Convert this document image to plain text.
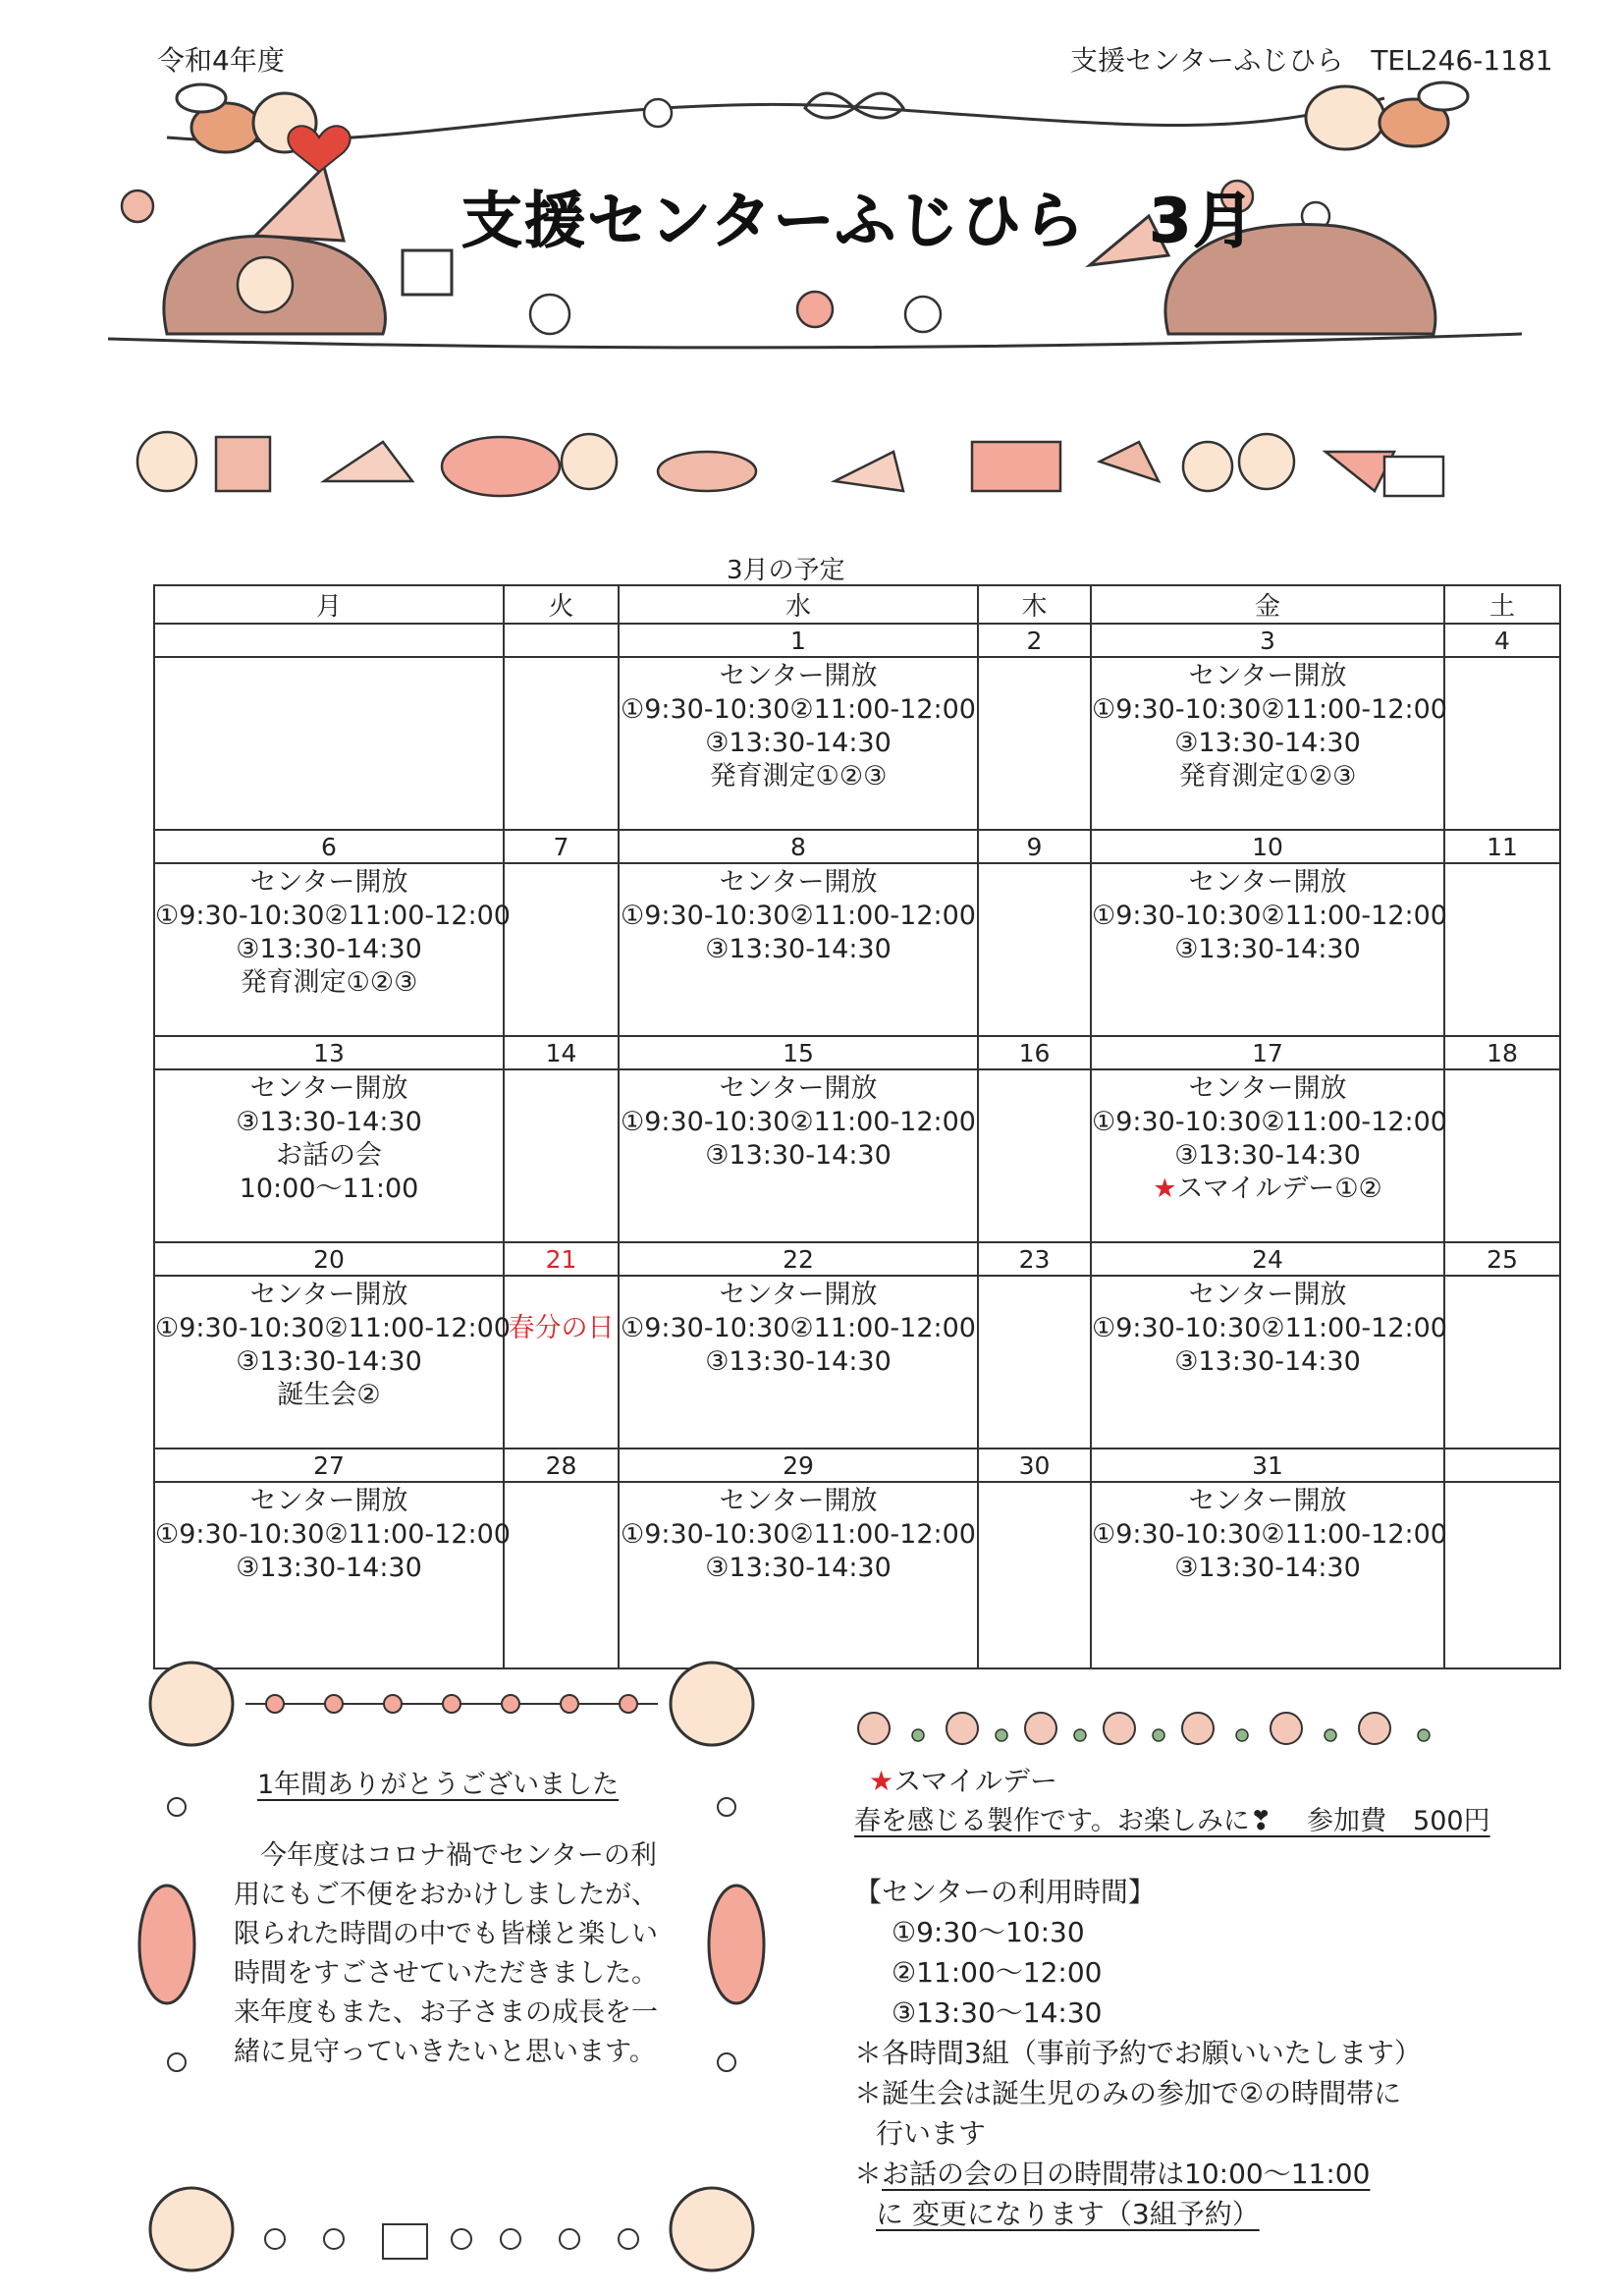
令和4年度	支援センターふじひら　TEL246-1181
支援センターふじひら　3月
3月の予定
月	火	水	木	金	土
		1	2	3	4

		センター開放
①9:30-10:30②11:00-12:00
③13:30-14:30
発育測定①②③		センター開放
①9:30-10:30②11:00-12:00
③13:30-14:30
発育測定①②③	

6	7	8	9	10	11

センター開放
①9:30-10:30②11:00-12:00
③13:30-14:30
発育測定①②③		センター開放
①9:30-10:30②11:00-12:00
③13:30-14:30		センター開放
①9:30-10:30②11:00-12:00
③13:30-14:30	

13	14	15	16	17	18

センター開放
③13:30-14:30
お話の会
10:00～11:00		センター開放
①9:30-10:30②11:00-12:00
③13:30-14:30		センター開放
①9:30-10:30②11:00-12:00
③13:30-14:30
★スマイルデー①②	

20	21	22	23	24	25

センター開放
①9:30-10:30②11:00-12:00
③13:30-14:30
誕生会②	春分の日	センター開放
①9:30-10:30②11:00-12:00
③13:30-14:30		センター開放
①9:30-10:30②11:00-12:00
③13:30-14:30	

27	28	29	30	31	

センター開放
①9:30-10:30②11:00-12:00
③13:30-14:30		センター開放
①9:30-10:30②11:00-12:00
③13:30-14:30		センター開放
①9:30-10:30②11:00-12:00
③13:30-14:30	

1年間ありがとうございました

今年度はコロナ禍でセンターの利用にもご不便をおかけしましたが、限られた時間の中でも皆様と楽しい時間をすごさせていただきました。

来年度もまた、お子さまの成長を一緒に見守っていきたいと思います。

★スマイルデー
春を感じる製作です。お楽しみに❣　 参加費　500円
【センターの利用時間】
①9:30～10:30
②11:00～12:00
③13:30～14:30
＊各時間3組（事前予約でお願いいたします）
＊誕生会は誕生児のみの参加で②の時間帯に
行います
＊お話の会の日の時間帯は10:00～11:00
に 変更になります（3組予約）
